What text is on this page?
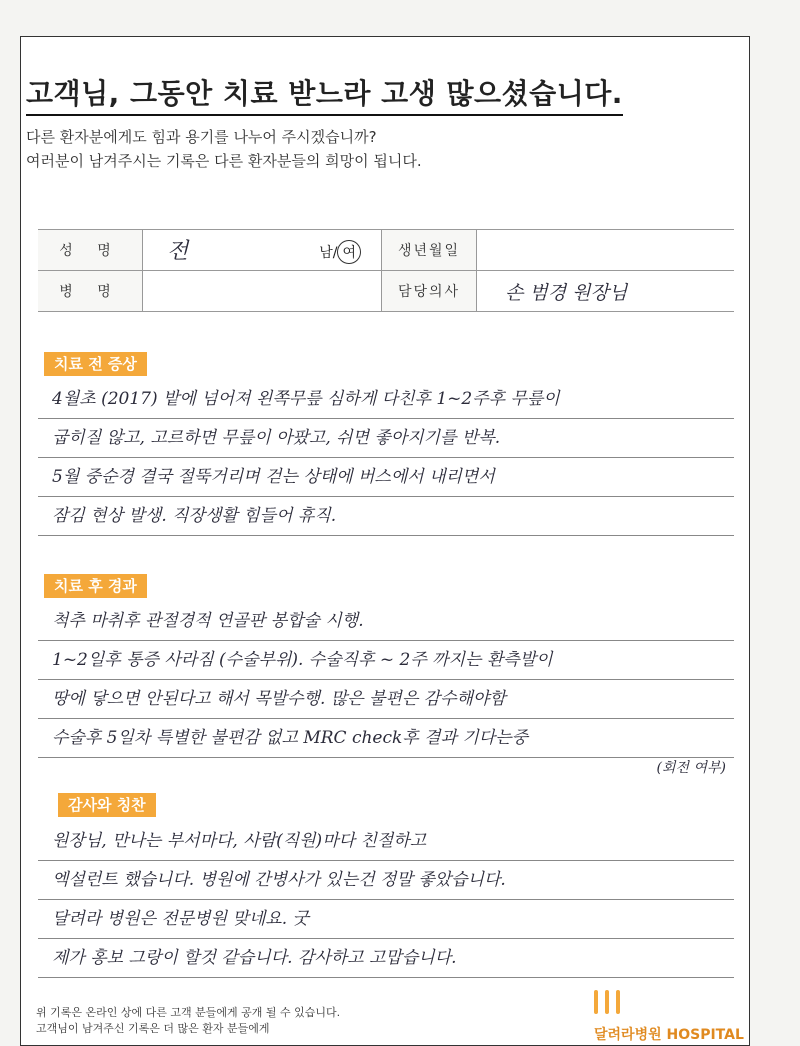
고객님, 그동안 치료 받느라 고생 많으셨습니다.
다른 환자분에게도 힘과 용기를 나누어 주시겠습니까?
여러분이 남겨주시는 기록은 다른 환자분들의 희망이 됩니다.
성 명	전 남/ 여	생년월일	
병 명		담당의사	손 범경 원장님
치료 전 증상
4월초 (2017) 밭에 넘어져 왼쪽무릎 심하게 다친후 1~2주후 무릎이
굽히질 않고, 고르하면 무릎이 아팠고, 쉬면 좋아지기를 반복.
5월 중순경 결국 절뚝거리며 걷는 상태에 버스에서 내리면서
잠김 현상 발생. 직장생활 힘들어 휴직.
치료 후 경과
척추 마취후 관절경적 연골판 봉합술 시행.
1~2일후 통증 사라짐 (수술부위). 수술직후 ~ 2주 까지는 환측발이
땅에 닿으면 안된다고 해서 목발수행. 많은 불편은 감수해야함
수술후 5일차 특별한 불편감 없고 MRC check후 결과 기다는중
(회전 여부)
감사와 칭찬
원장님, 만나는 부서마다, 사람(직원)마다 친절하고
엑설런트 했습니다. 병원에 간병사가 있는건 정말 좋았습니다.
달려라 병원은 전문병원 맞네요. 굿
제가 홍보 그랑이 할것 같습니다. 감사하고 고맙습니다.
위 기록은 온라인 상에 다른 고객 분들에게 공개 될 수 있습니다.
고객님이 남겨주신 기록은 더 많은 환자 분들에게	달려라병원 HOSPITAL
